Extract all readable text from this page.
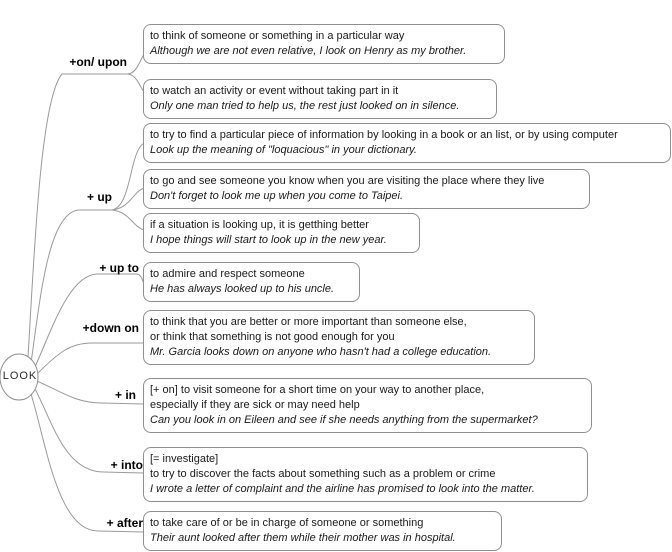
LOOK
+on/ upon
+ up
+ up to
+down on
+ in
+ into
+ after
to think of someone or something in a particular way
Although we are not even relative, I look on Henry as my brother.
to watch an activity or event without taking part in it
Only one man tried to help us, the rest just looked on in silence.
to try to find a particular piece of information by looking in a book or an list, or by using computer
Look up the meaning of "loquacious" in your dictionary.
to go and see someone you know when you are visiting the place where they live
Don't forget to look me up when you come to Taipei.
if a situation is looking up, it is getthing better
I hope things will start to look up in the new year.
to admire and respect someone
He has always looked up to his uncle.
to think that you are better or more important than someone else,
or think that something is not good enough for you
Mr. Garcia looks down on anyone who hasn't had a college education.
[+ on] to visit someone for a short time on your way to another place,
especially if they are sick or may need help
Can you look in on Eileen and see if she needs anything from the supermarket?
[= investigate]
to try to discover the facts about something such as a problem or crime
I wrote a letter of complaint and the airline has promised to look into the matter.
to take care of or be in charge of someone or something
Their aunt looked after them while their mother was in hospital.
